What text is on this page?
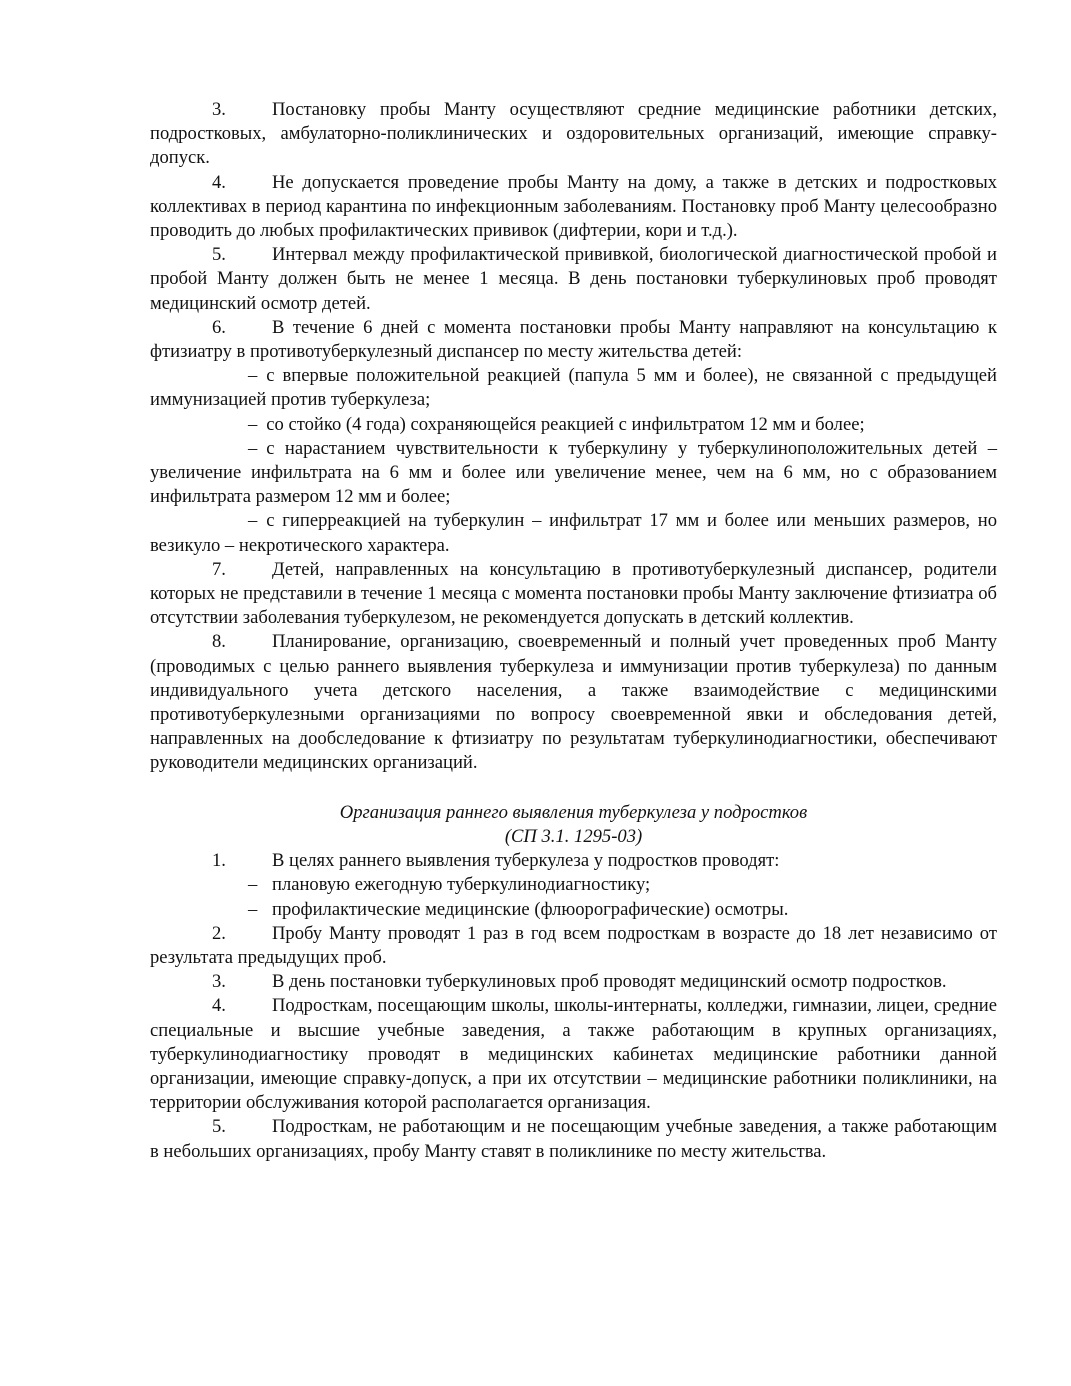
3. Постановку пробы Манту осуществляют средние медицинские работники детских, подростковых, амбулаторно-поликлинических и оздоровительных организаций, имеющие справку-допуск.

4. Не допускается проведение пробы Манту на дому, а также в детских и подростковых коллективах в период карантина по инфекционным заболеваниям. Постановку проб Манту целесообразно проводить до любых профилактических прививок (дифтерии, кори и т.д.).

5. Интервал между профилактической прививкой, биологической диагностической пробой и пробой Манту должен быть не менее 1 месяца. В день постановки туберкулиновых проб проводят медицинский осмотр детей.

6. В течение 6 дней с момента постановки пробы Манту направляют на консультацию к фтизиатру в противотуберкулезный диспансер по месту жительства детей:

– с впервые положительной реакцией (папула 5 мм и более), не связанной с предыдущей иммунизацией против туберкулеза;

– со стойко (4 года) сохраняющейся реакцией с инфильтратом 12 мм и более;

– с нарастанием чувствительности к туберкулину у туберкулиноположительных детей – увеличение инфильтрата на 6 мм и более или увеличение менее, чем на 6 мм, но с образованием инфильтрата размером 12 мм и более;

– с гиперреакцией на туберкулин – инфильтрат 17 мм и более или меньших размеров, но везикуло – некротического характера.

7. Детей, направленных на консультацию в противотуберкулезный диспансер, родители которых не представили в течение 1 месяца с момента постановки пробы Манту заключение фтизиатра об отсутствии заболевания туберкулезом, не рекомендуется допускать в детский коллектив.

8. Планирование, организацию, своевременный и полный учет проведенных проб Манту (проводимых с целью раннего выявления туберкулеза и иммунизации против туберкулеза) по данным индивидуального учета детского населения, а также взаимодействие с медицинскими противотуберкулезными организациями по вопросу своевременной явки и обследования детей, направленных на дообследование к фтизиатру по результатам туберкулинодиагностики, обеспечивают руководители медицинских организаций.

Организация раннего выявления туберкулеза у подростков
(СП 3.1. 1295-03)

1. В целях раннего выявления туберкулеза у подростков проводят:

– плановую ежегодную туберкулинодиагностику;

– профилактические медицинские (флюорографические) осмотры.

2. Пробу Манту проводят 1 раз в год всем подросткам в возрасте до 18 лет независимо от результата предыдущих проб.

3. В день постановки туберкулиновых проб проводят медицинский осмотр подростков.

4. Подросткам, посещающим школы, школы-интернаты, колледжи, гимназии, лицеи, средние специальные и высшие учебные заведения, а также работающим в крупных организациях, туберкулинодиагностику проводят в медицинских кабинетах медицинские работники данной организации, имеющие справку-допуск, а при их отсутствии – медицинские работники поликлиники, на территории обслуживания которой располагается организация.

5. Подросткам, не работающим и не посещающим учебные заведения, а также работающим в небольших организациях, пробу Манту ставят в поликлинике по месту жительства.
